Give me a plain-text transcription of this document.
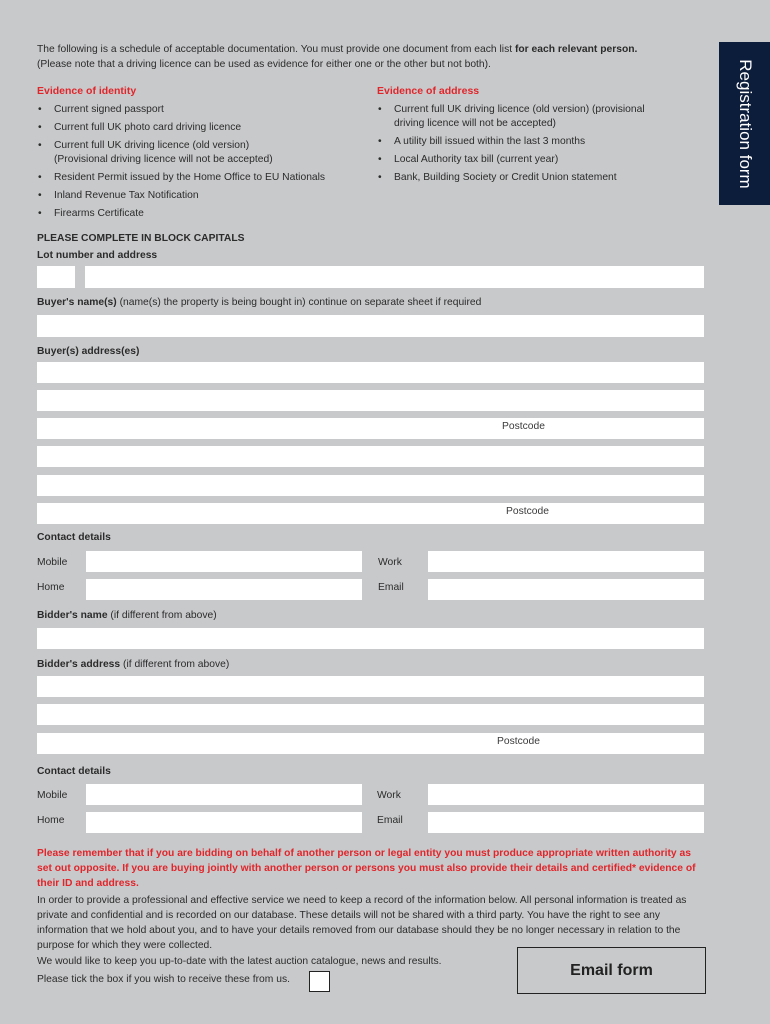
Registration form
The following is a schedule of acceptable documentation. You must provide one document from each list for each relevant person.
(Please note that a driving licence can be used as evidence for either one or the other but not both).
Evidence of identity
• Current signed passport
• Current full UK photo card driving licence
• Current full UK driving licence (old version)
(Provisional driving licence will not be accepted)
• Resident Permit issued by the Home Office to EU Nationals
• Inland Revenue Tax Notification
• Firearms Certificate
Evidence of address
• Current full UK driving licence (old version) (provisional
driving licence will not be accepted)
• A utility bill issued within the last 3 months
• Local Authority tax bill (current year)
• Bank, Building Society or Credit Union statement
PLEASE COMPLETE IN BLOCK CAPITALS
Lot number and address
Buyer's name(s) (name(s) the property is being bought in) continue on separate sheet if required
Buyer(s) address(es)
Postcode
Postcode
Contact details
Mobile	Work
Home	Email
Bidder's name (if different from above)
Bidder's address (if different from above)
Postcode
Contact details
Mobile	Work
Home	Email
Please remember that if you are bidding on behalf of another person or legal entity you must produce appropriate written authority as set out opposite. If you are buying jointly with another person or persons you must also provide their details and certified* evidence of their ID and address.
In order to provide a professional and effective service we need to keep a record of the information below. All personal information is treated as private and confidential and is recorded on our database. These details will not be shared with a third party. You have the right to see any information that we hold about you, and to have your details removed from our database should they be no longer necessary in relation to the purpose for which they were collected.
We would like to keep you up-to-date with the latest auction catalogue, news and results.
Please tick the box if you wish to receive these from us.
Email form
